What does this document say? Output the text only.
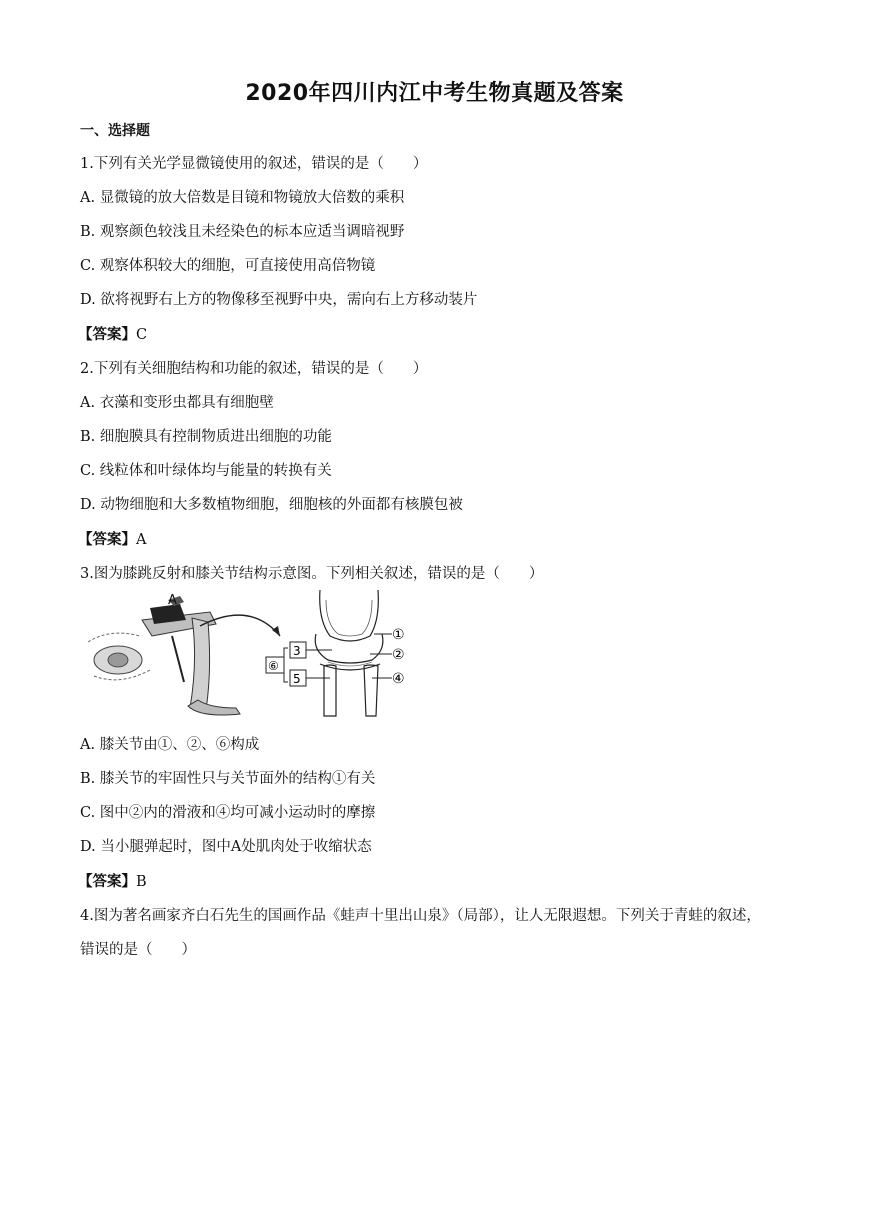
2020年四川内江中考生物真题及答案
一、选择题
1.下列有关光学显微镜使用的叙述，错误的是（　　）
A. 显微镜的放大倍数是目镜和物镜放大倍数的乘积
B. 观察颜色较浅且未经染色的标本应适当调暗视野
C. 观察体积较大的细胞，可直接使用高倍物镜
D. 欲将视野右上方的物像移至视野中央，需向右上方移动装片
【答案】C
2.下列有关细胞结构和功能的叙述，错误的是（　　）
A. 衣藻和变形虫都具有细胞壁
B. 细胞膜具有控制物质进出细胞的功能
C. 线粒体和叶绿体均与能量的转换有关
D. 动物细胞和大多数植物细胞，细胞核的外面都有核膜包被
【答案】A
3.图为膝跳反射和膝关节结构示意图。下列相关叙述，错误的是（　　）
A
⑥
3
5
①
②
④
A. 膝关节由①、②、⑥构成
B. 膝关节的牢固性只与关节面外的结构①有关
C. 图中②内的滑液和④均可减小运动时的摩擦
D. 当小腿弹起时，图中A处肌肉处于收缩状态
【答案】B
4.图为著名画家齐白石先生的国画作品《蛙声十里出山泉》（局部），让人无限遐想。下列关于青蛙的叙述，
错误的是（　　）
